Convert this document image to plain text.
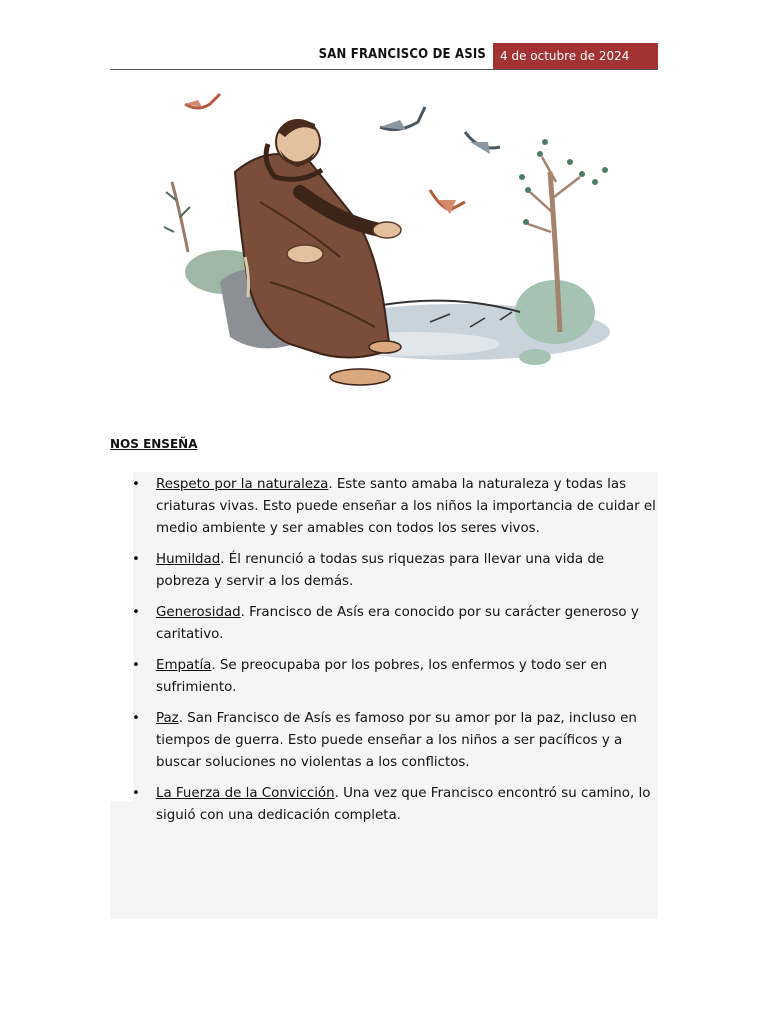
SAN FRANCISCO DE ASIS	4 de octubre de 2024
NOS ENSEÑA
• Respeto por la naturaleza. Este santo amaba la naturaleza y todas las criaturas vivas. Esto puede enseñar a los niños la importancia de cuidar el medio ambiente y ser amables con todos los seres vivos.
• Humildad. Él renunció a todas sus riquezas para llevar una vida de pobreza y servir a los demás.
• Generosidad. Francisco de Asís era conocido por su carácter generoso y caritativo.
• Empatía. Se preocupaba por los pobres, los enfermos y todo ser en sufrimiento.
• Paz. San Francisco de Asís es famoso por su amor por la paz, incluso en tiempos de guerra. Esto puede enseñar a los niños a ser pacíficos y a buscar soluciones no violentas a los conflictos.
• La Fuerza de la Convicción. Una vez que Francisco encontró su camino, lo siguió con una dedicación completa.
